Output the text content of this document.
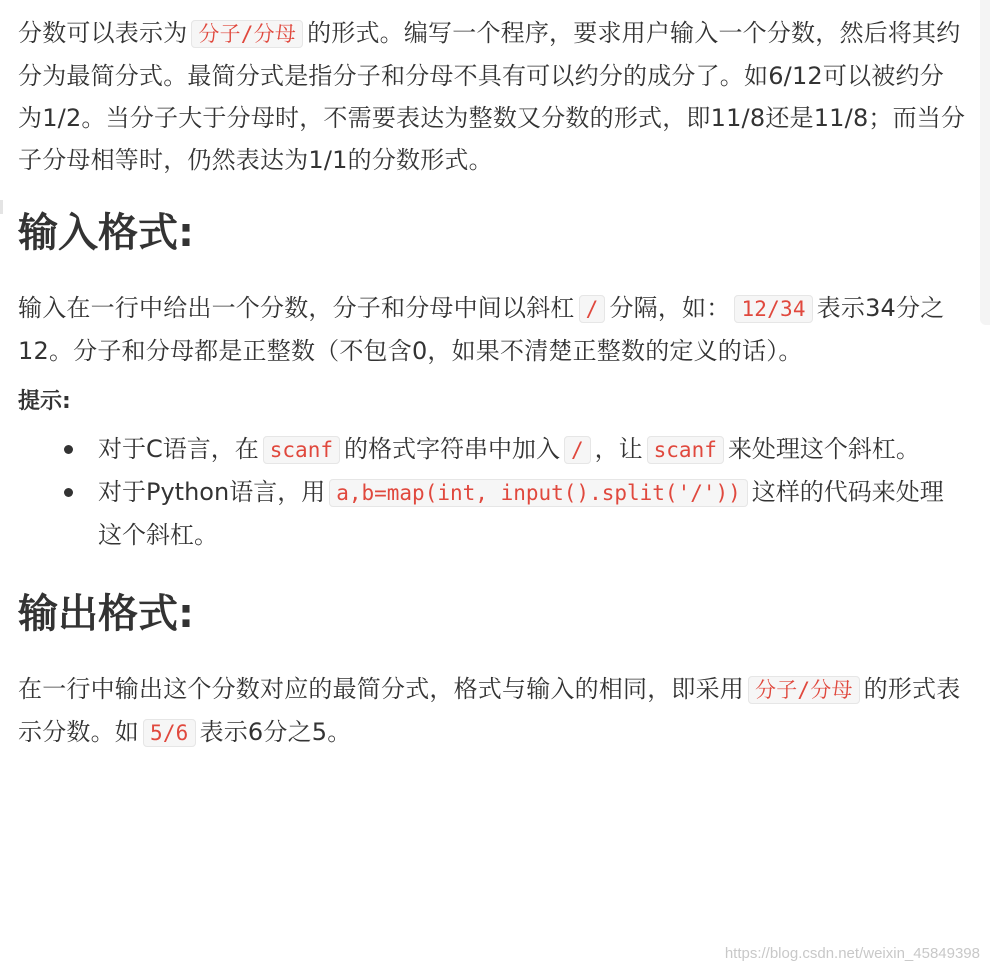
分数可以表示为 分子/分母 的形式。编写一个程序，要求用户输入一个分数，然后将其约分为最简分式。最简分式是指分子和分母不具有可以约分的成分了。如6/12可以被约分为1/2。当分子大于分母时，不需要表达为整数又分数的形式，即11/8还是11/8；而当分子分母相等时，仍然表达为1/1的分数形式。

输入格式:

输入在一行中给出一个分数，分子和分母中间以斜杠 / 分隔，如： 12/34 表示34分之12。分子和分母都是正整数（不包含0，如果不清楚正整数的定义的话）。

提示:
对于C语言，在 scanf 的格式字符串中加入 / ，让 scanf 来处理这个斜杠。
对于Python语言，用 a,b=map(int, input().split('/')) 这样的代码来处理这个斜杠。
输出格式:

在一行中输出这个分数对应的最简分式，格式与输入的相同，即采用 分子/分母 的形式表示分数。如 5/6 表示6分之5。

https://blog.csdn.net/weixin_45849398
